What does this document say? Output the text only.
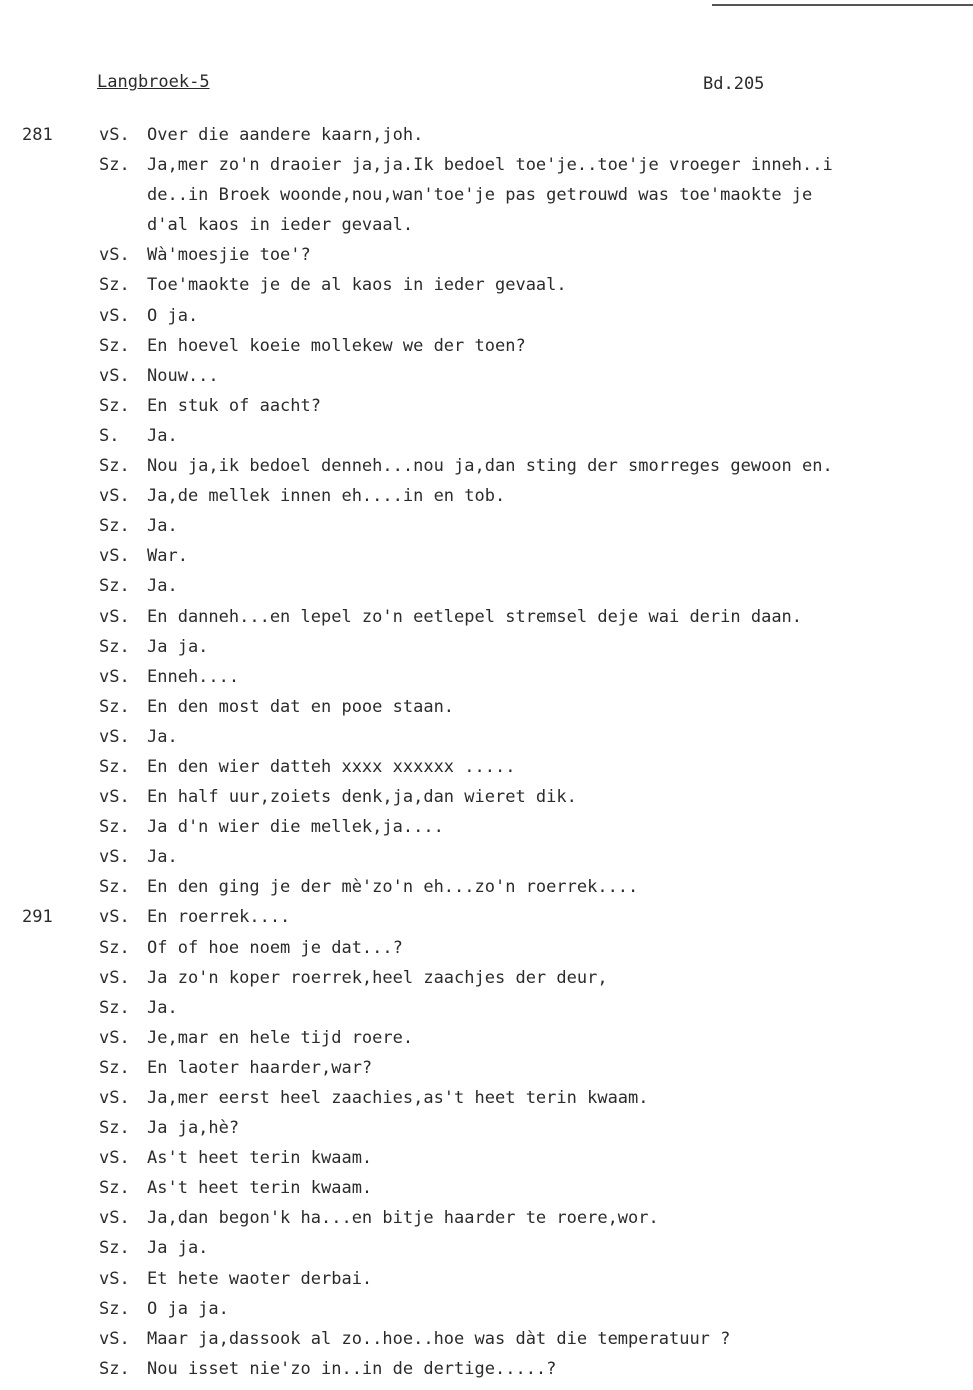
Langbroek-5	Bd.205
281	vS. Over die aandere kaarn,joh.
Sz. Ja,mer zo'n draoier ja,ja.Ik bedoel toe'je..toe'je vroeger inneh..i
de..in Broek woonde,nou,wan'toe'je pas getrouwd was toe'maokte je
d'al kaos in ieder gevaal.
vS. Wà'moesjie toe'?
Sz. Toe'maokte je de al kaos in ieder gevaal.
vS. O ja.
Sz. En hoevel koeie mollekew we der toen?
vS. Nouw...
Sz. En stuk of aacht?
S. Ja.
Sz. Nou ja,ik bedoel denneh...nou ja,dan sting der smorreges gewoon en.
vS. Ja,de mellek innen eh....in en tob.
Sz. Ja.
vS. War.
Sz. Ja.
vS. En danneh...en lepel zo'n eetlepel stremsel deje wai derin daan.
Sz. Ja ja.
vS. Enneh....
Sz. En den most dat en pooe staan.
vS. Ja.
Sz. En den wier datteh xxxx xxxxxx .....
vS. En half uur,zoiets denk,ja,dan wieret dik.
Sz. Ja d'n wier die mellek,ja....
vS. Ja.
Sz. En den ging je der mè'zo'n eh...zo'n roerrek....
291	vS. En roerrek....
Sz. Of of hoe noem je dat...?
vS. Ja zo'n koper roerrek,heel zaachjes der deur,
Sz. Ja.
vS. Je,mar en hele tijd roere.
Sz. En laoter haarder,war?
vS. Ja,mer eerst heel zaachies,as't heet terin kwaam.
Sz. Ja ja,hè?
vS. As't heet terin kwaam.
Sz. As't heet terin kwaam.
vS. Ja,dan begon'k ha...en bitje haarder te roere,wor.
Sz. Ja ja.
vS. Et hete waoter derbai.
Sz. O ja ja.
vS. Maar ja,dassook al zo..hoe..hoe was dàt die temperatuur ?
Sz. Nou isset nie'zo in..in de dertige.....?
